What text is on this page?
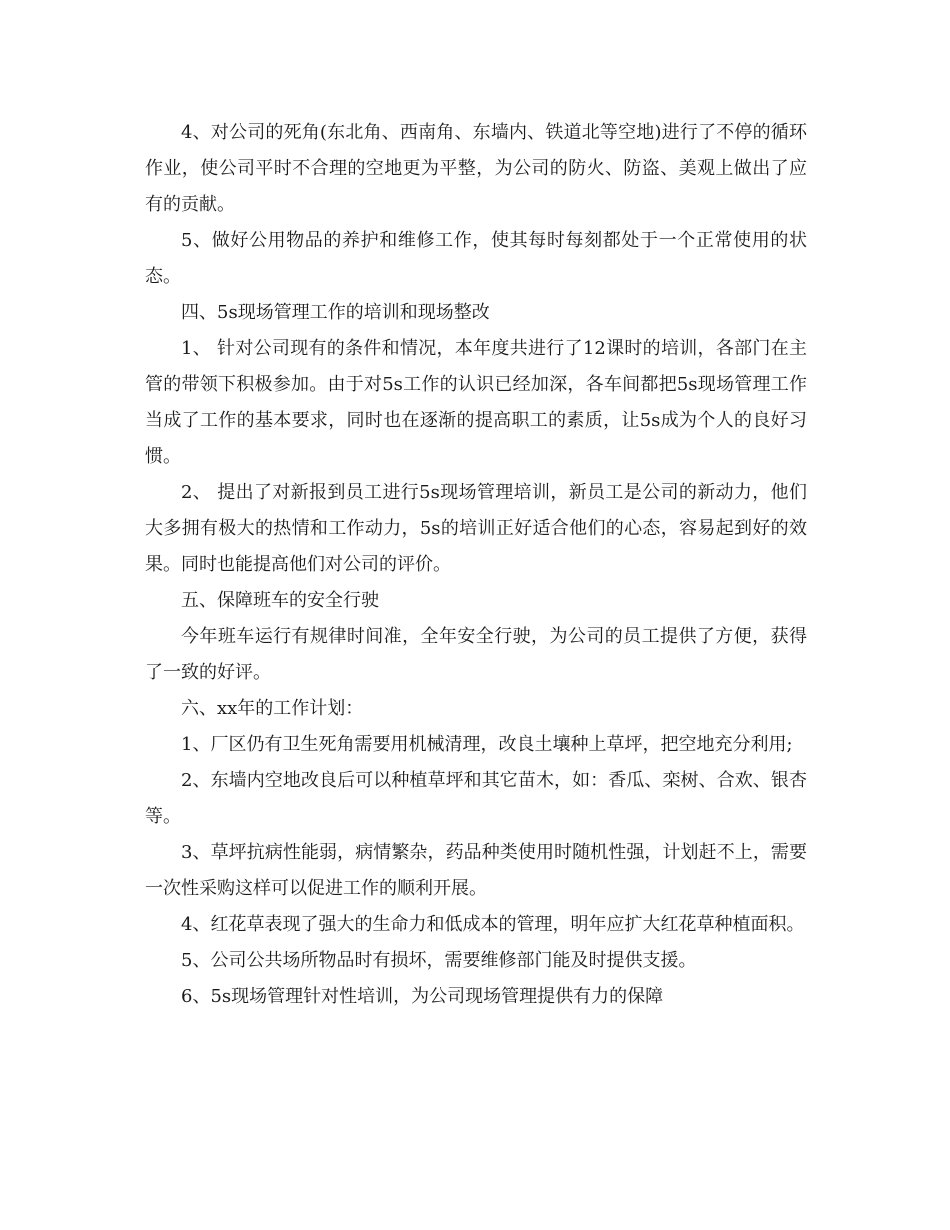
4、对公司的死角(东北角、西南角、东墙内、铁道北等空地)进行了不停的循环作业，使公司平时不合理的空地更为平整，为公司的防火、防盗、美观上做出了应有的贡献。

5、做好公用物品的养护和维修工作，使其每时每刻都处于一个正常使用的状态。

四、5s现场管理工作的培训和现场整改

1、 针对公司现有的条件和情况，本年度共进行了12课时的培训，各部门在主管的带领下积极参加。由于对5s工作的认识已经加深，各车间都把5s现场管理工作当成了工作的基本要求，同时也在逐渐的提高职工的素质，让5s成为个人的良好习惯。

2、 提出了对新报到员工进行5s现场管理培训，新员工是公司的新动力，他们大多拥有极大的热情和工作动力，5s的培训正好适合他们的心态，容易起到好的效果。同时也能提高他们对公司的评价。

五、保障班车的安全行驶

今年班车运行有规律时间准，全年安全行驶，为公司的员工提供了方便，获得了一致的好评。

六、xx年的工作计划：

1、厂区仍有卫生死角需要用机械清理，改良土壤种上草坪，把空地充分利用;

2、东墙内空地改良后可以种植草坪和其它苗木，如：香瓜、栾树、合欢、银杏等。

3、草坪抗病性能弱，病情繁杂，药品种类使用时随机性强，计划赶不上，需要一次性采购这样可以促进工作的顺利开展。

4、红花草表现了强大的生命力和低成本的管理，明年应扩大红花草种植面积。

5、公司公共场所物品时有损坏，需要维修部门能及时提供支援。

6、5s现场管理针对性培训，为公司现场管理提供有力的保障
